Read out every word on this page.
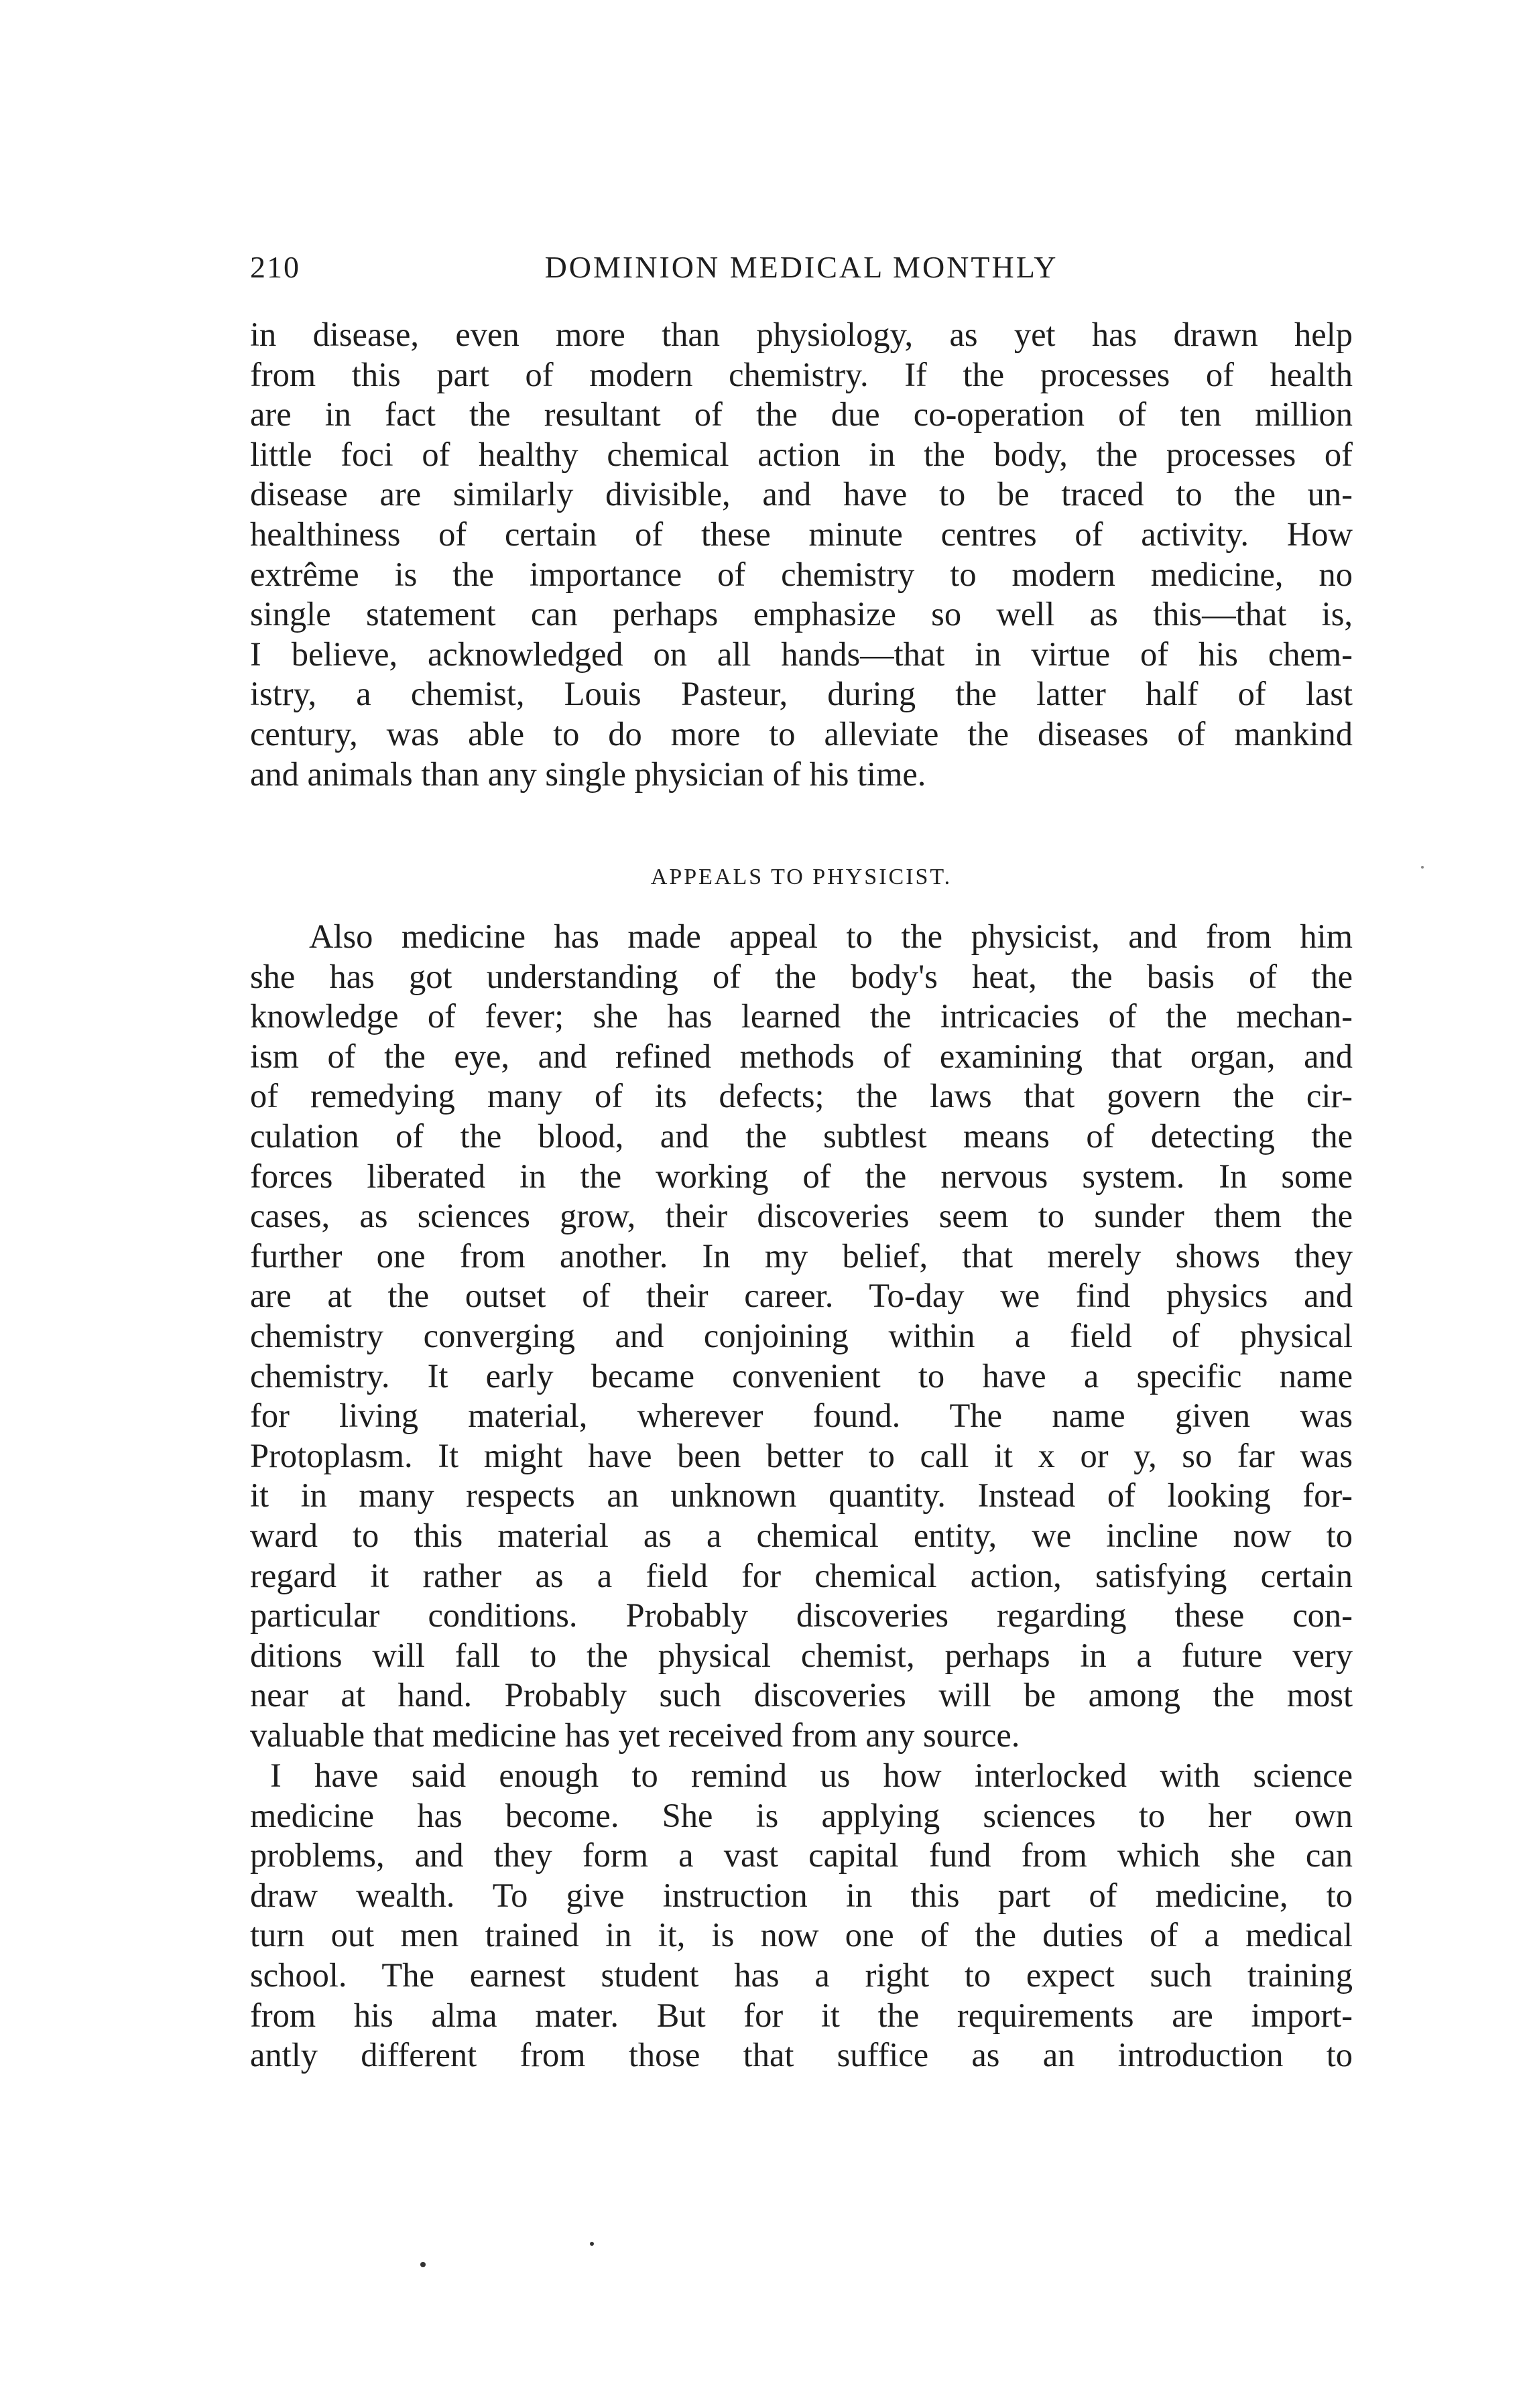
210	DOMINION MEDICAL MONTHLY
in disease, even more than physiology, as yet has drawn help
from this part of modern chemistry. If the processes of health
are in fact the resultant of the due co-operation of ten million
little foci of healthy chemical action in the body, the processes of
disease are similarly divisible, and have to be traced to the un-
healthiness of certain of these minute centres of activity. How
extrême is the importance of chemistry to modern medicine, no
single statement can perhaps emphasize so well as this—that is,
I believe, acknowledged on all hands—that in virtue of his chem-
istry, a chemist, Louis Pasteur, during the latter half of last
century, was able to do more to alleviate the diseases of mankind
and animals than any single physician of his time.
APPEALS TO PHYSICIST.
Also medicine has made appeal to the physicist, and from him
she has got understanding of the body's heat, the basis of the
knowledge of fever; she has learned the intricacies of the mechan-
ism of the eye, and refined methods of examining that organ, and
of remedying many of its defects; the laws that govern the cir-
culation of the blood, and the subtlest means of detecting the
forces liberated in the working of the nervous system. In some
cases, as sciences grow, their discoveries seem to sunder them the
further one from another. In my belief, that merely shows they
are at the outset of their career. To-day we find physics and
chemistry converging and conjoining within a field of physical
chemistry. It early became convenient to have a specific name
for living material, wherever found. The name given was
Protoplasm. It might have been better to call it x or y, so far was
it in many respects an unknown quantity. Instead of looking for-
ward to this material as a chemical entity, we incline now to
regard it rather as a field for chemical action, satisfying certain
particular conditions. Probably discoveries regarding these con-
ditions will fall to the physical chemist, perhaps in a future very
near at hand. Probably such discoveries will be among the most
valuable that medicine has yet received from any source.
I have said enough to remind us how interlocked with science
medicine has become. She is applying sciences to her own
problems, and they form a vast capital fund from which she can
draw wealth. To give instruction in this part of medicine, to
turn out men trained in it, is now one of the duties of a medical
school. The earnest student has a right to expect such training
from his alma mater. But for it the requirements are import-
antly different from those that suffice as an introduction to
